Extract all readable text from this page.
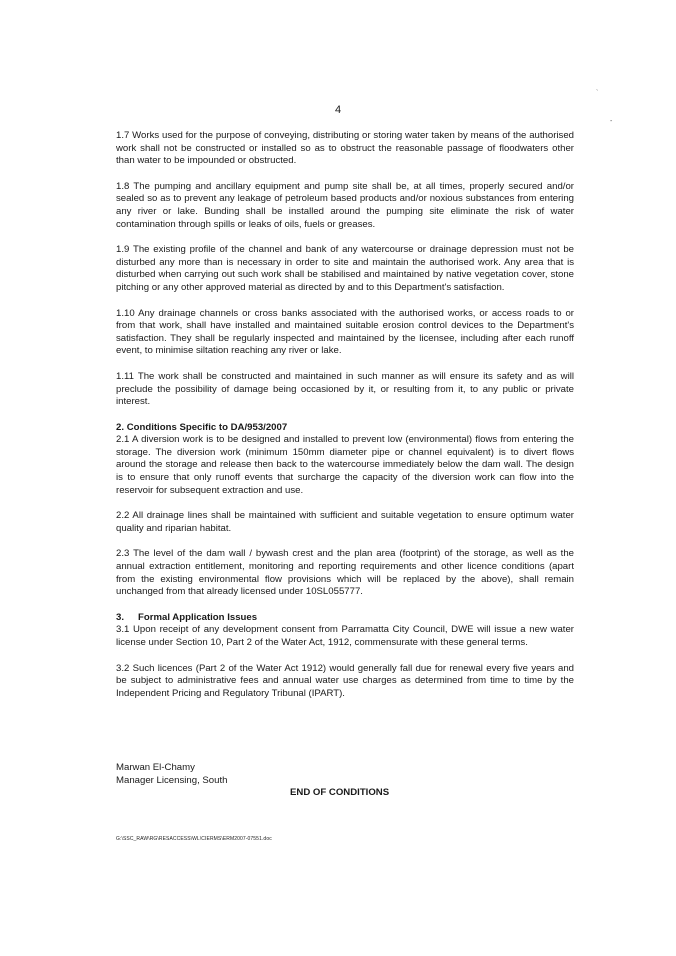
`
-
4

1.7 Works used for the purpose of conveying, distributing or storing water taken by means of the authorised work shall not be constructed or installed so as to obstruct the reasonable passage of floodwaters other than water to be impounded or obstructed.

1.8 The pumping and ancillary equipment and pump site shall be, at all times, properly secured and/or sealed so as to prevent any leakage of petroleum based products and/or noxious substances from entering any river or lake. Bunding shall be installed around the pumping site eliminate the risk of water contamination through spills or leaks of oils, fuels or greases.

1.9 The existing profile of the channel and bank of any watercourse or drainage depression must not be disturbed any more than is necessary in order to site and maintain the authorised work. Any area that is disturbed when carrying out such work shall be stabilised and maintained by native vegetation cover, stone pitching or any other approved material as directed by and to this Department's satisfaction.

1.10 Any drainage channels or cross banks associated with the authorised works, or access roads to or from that work, shall have installed and maintained suitable erosion control devices to the Department's satisfaction. They shall be regularly inspected and maintained by the licensee, including after each runoff event, to minimise siltation reaching any river or lake.

1.11 The work shall be constructed and maintained in such manner as will ensure its safety and as will preclude the possibility of damage being occasioned by it, or resulting from it, to any public or private interest.

2. Conditions Specific to DA/953/2007

2.1 A diversion work is to be designed and installed to prevent low (environmental) flows from entering the storage. The diversion work (minimum 150mm diameter pipe or channel equivalent) is to divert flows around the storage and release then back to the watercourse immediately below the dam wall. The design is to ensure that only runoff events that surcharge the capacity of the diversion work can flow into the reservoir for subsequent extraction and use.

2.2 All drainage lines shall be maintained with sufficient and suitable vegetation to ensure optimum water quality and riparian habitat.

2.3 The level of the dam wall / bywash crest and the plan area (footprint) of the storage, as well as the annual extraction entitlement, monitoring and reporting requirements and other licence conditions (apart from the existing environmental flow provisions which will be replaced by the above), shall remain unchanged from that already licensed under 10SL055777.

3. Formal Application Issues

3.1 Upon receipt of any development consent from Parramatta City Council, DWE will issue a new water license under Section 10, Part 2 of the Water Act, 1912, commensurate with these general terms.

3.2 Such licences (Part 2 of the Water Act 1912) would generally fall due for renewal every five years and be subject to administrative fees and annual water use charges as determined from time to time by the Independent Pricing and Regulatory Tribunal (IPART).

Marwan El-Chamy
Manager Licensing, South
END OF CONDITIONS
G:\SSC_RAW\RG\RESACCESS\WL\CIERMS\ERM2007-07551.doc
